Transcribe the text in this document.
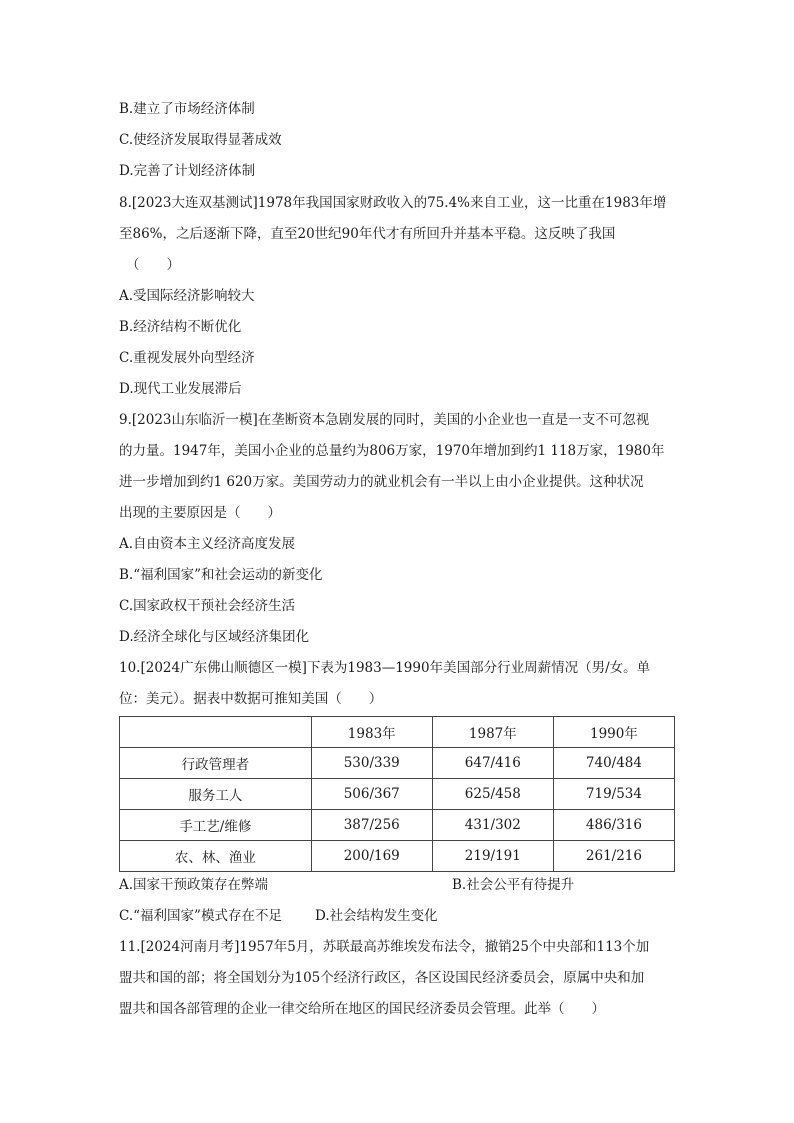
B.建立了市场经济体制
C.使经济发展取得显著成效
D.完善了计划经济体制
8.[2023大连双基测试]1978年我国国家财政收入的75.4%来自工业，这一比重在1983年增
至86%，之后逐渐下降，直至20世纪90年代才有所回升并基本平稳。这反映了我国
（　　）
A.受国际经济影响较大
B.经济结构不断优化
C.重视发展外向型经济
D.现代工业发展滞后
9.[2023山东临沂一模]在垄断资本急剧发展的同时，美国的小企业也一直是一支不可忽视
的力量。1947年，美国小企业的总量约为806万家，1970年增加到约1 118万家，1980年
进一步增加到约1 620万家。美国劳动力的就业机会有一半以上由小企业提供。这种状况
出现的主要原因是（　　）
A.自由资本主义经济高度发展
B.“福利国家”和社会运动的新变化
C.国家政权干预社会经济生活
D.经济全球化与区域经济集团化
10.[2024广东佛山顺德区一模]下表为1983—1990年美国部分行业周薪情况（男/女。单
位：美元）。据表中数据可推知美国（　　）
	1983年	1987年	1990年
行政管理者	530/339	647/416	740/484
服务工人	506/367	625/458	719/534
手工艺/维修	387/256	431/302	486/316
农、林、渔业	200/169	219/191	261/216
A.国家干预政策存在弊端	B.社会公平有待提升
C.“福利国家”模式存在不足 D.社会结构发生变化
11.[2024河南月考]1957年5月，苏联最高苏维埃发布法令，撤销25个中央部和113个加
盟共和国的部；将全国划分为105个经济行政区，各区设国民经济委员会，原属中央和加
盟共和国各部管理的企业一律交给所在地区的国民经济委员会管理。此举（　　）
